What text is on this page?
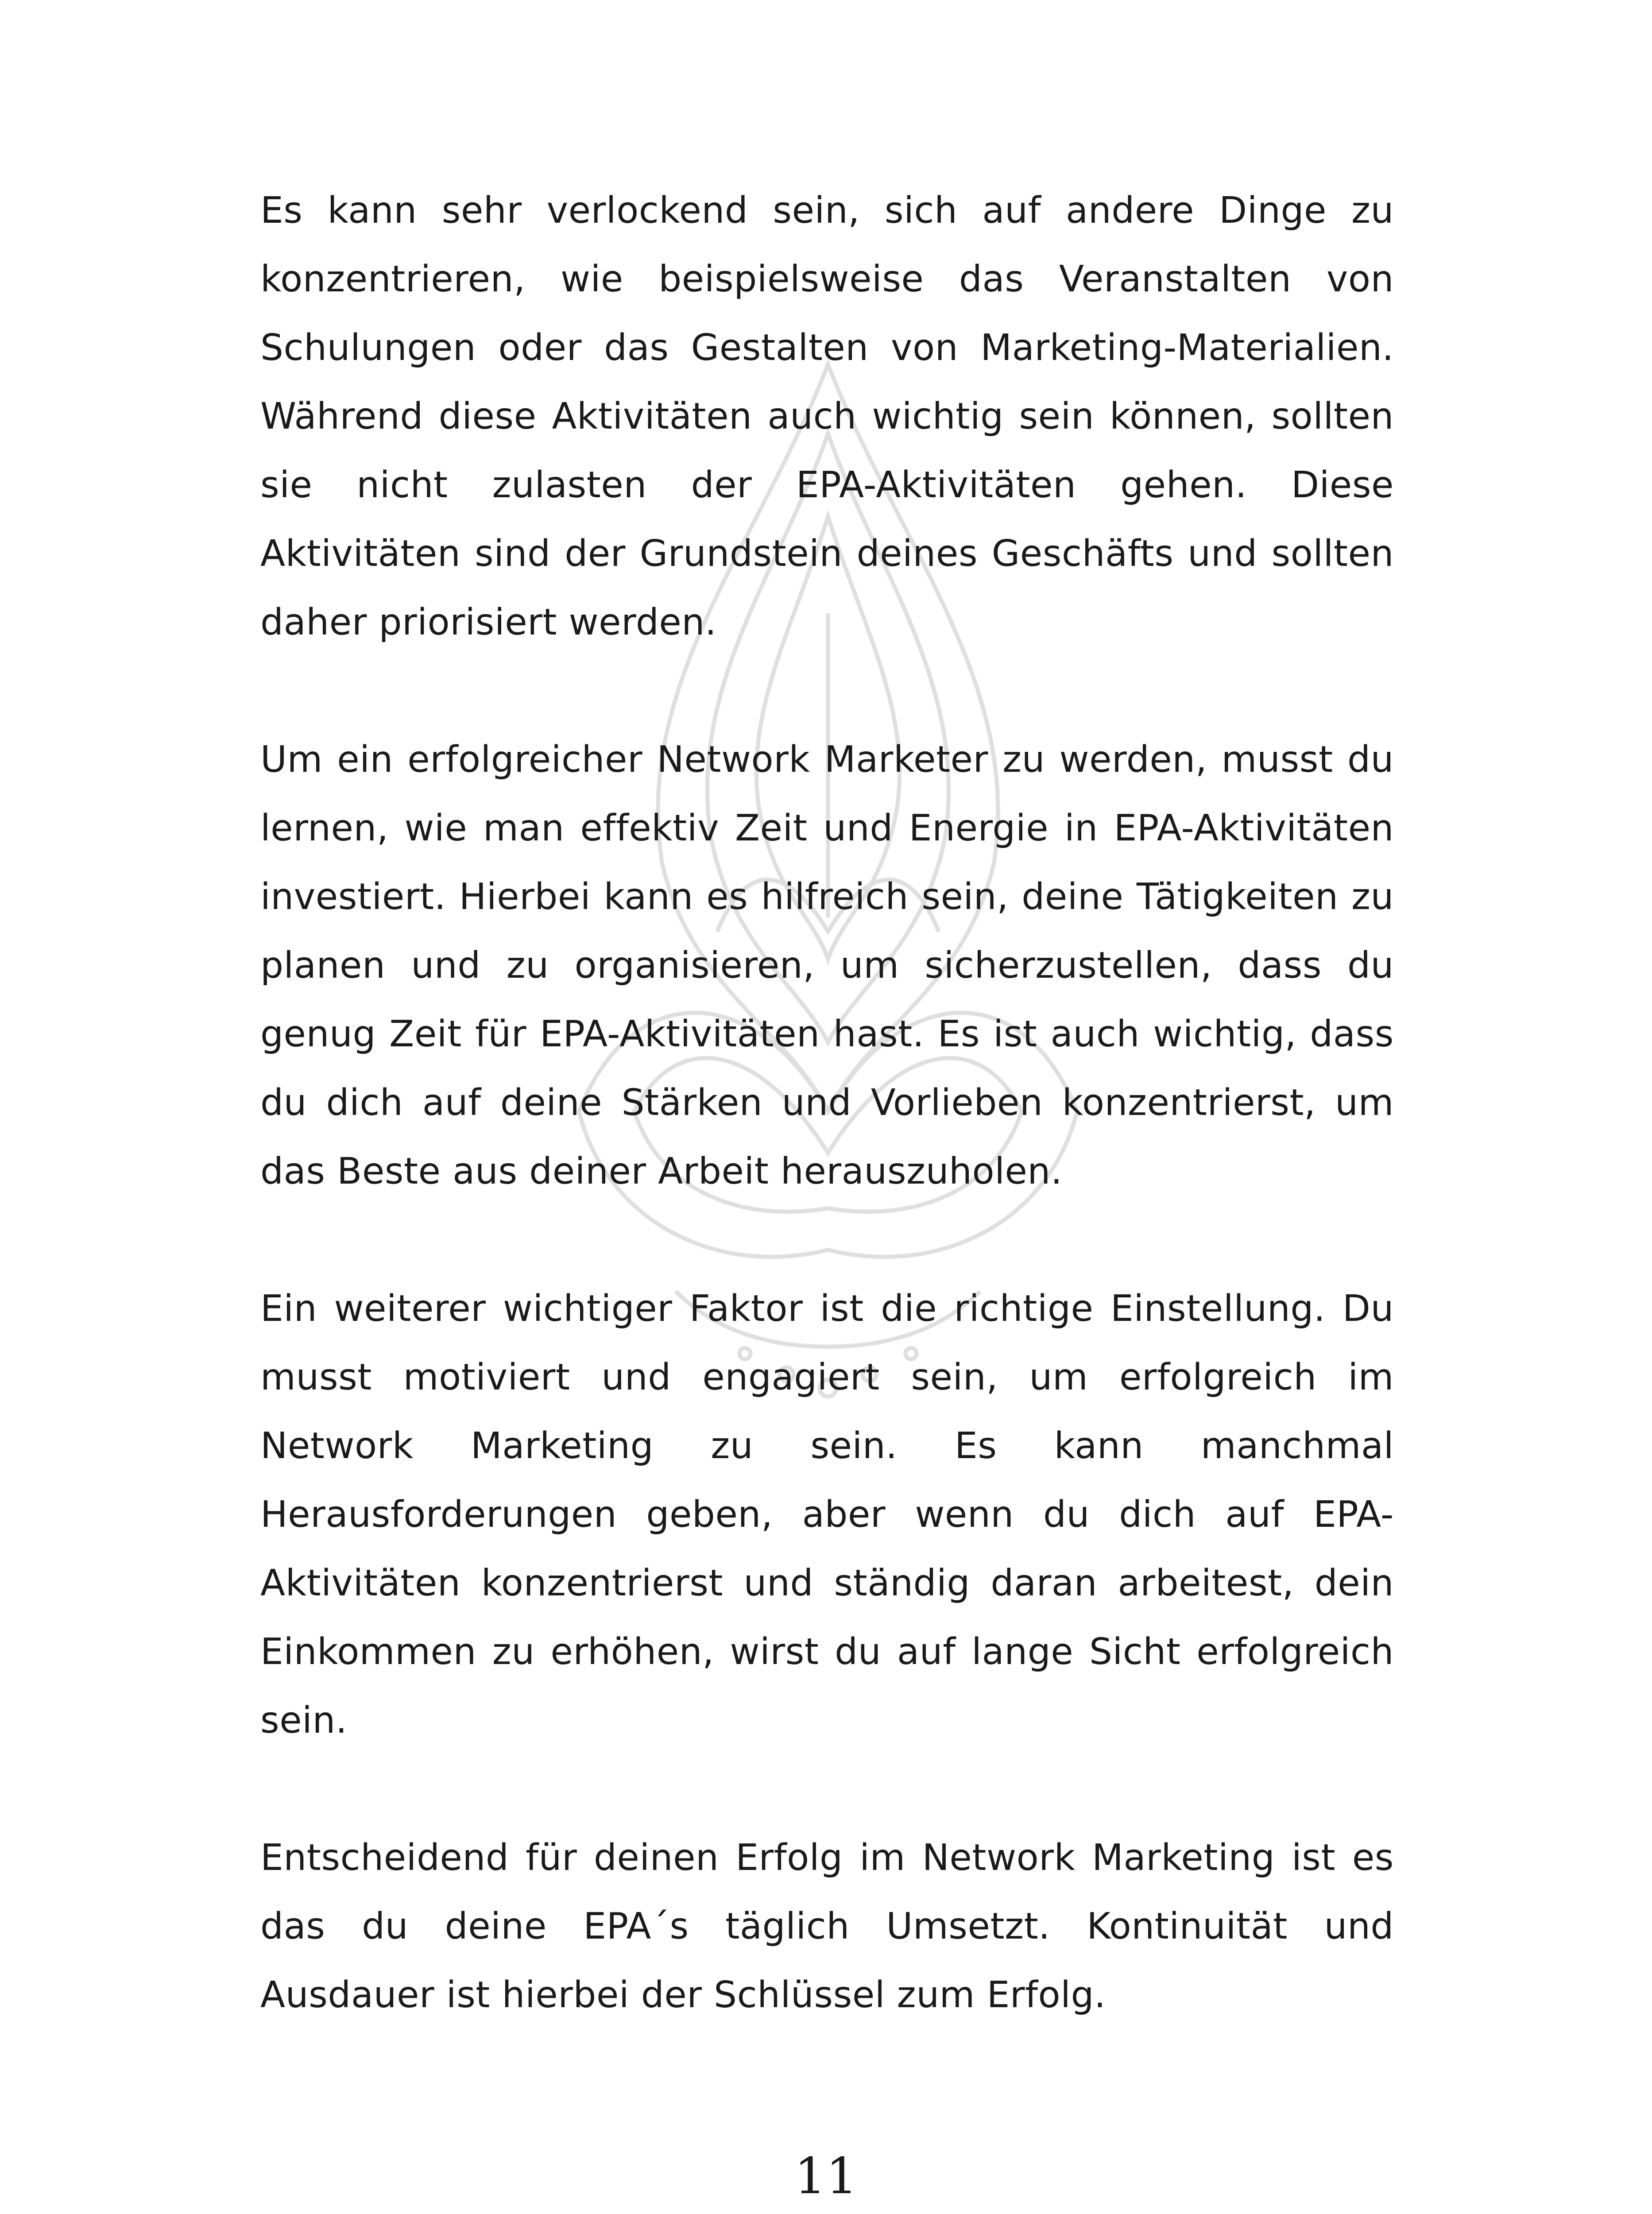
Es kann sehr verlockend sein, sich auf andere Dinge zu konzentrieren, wie beispielsweise das Veranstalten von Schulungen oder das Gestalten von Marketing-Materialien. Während diese Aktivitäten auch wichtig sein können, sollten sie nicht zulasten der EPA-Aktivitäten gehen. Diese Aktivitäten sind der Grundstein deines Geschäfts und sollten daher priorisiert werden.

Um ein erfolgreicher Network Marketer zu werden, musst du lernen, wie man effektiv Zeit und Energie in EPA-Aktivitäten investiert. Hierbei kann es hilfreich sein, deine Tätigkeiten zu planen und zu organisieren, um sicherzustellen, dass du genug Zeit für EPA-Aktivitäten hast. Es ist auch wichtig, dass du dich auf deine Stärken und Vorlieben konzentrierst, um das Beste aus deiner Arbeit herauszuholen.

Ein weiterer wichtiger Faktor ist die richtige Einstellung. Du musst motiviert und engagiert sein, um erfolgreich im Network Marketing zu sein. Es kann manchmal Herausforderungen geben, aber wenn du dich auf EPA-Aktivitäten konzentrierst und ständig daran arbeitest, dein Einkommen zu erhöhen, wirst du auf lange Sicht erfolgreich sein.

Entscheidend für deinen Erfolg im Network Marketing ist es das du deine EPA´s täglich Umsetzt. Kontinuität und Ausdauer ist hierbei der Schlüssel zum Erfolg.

11
